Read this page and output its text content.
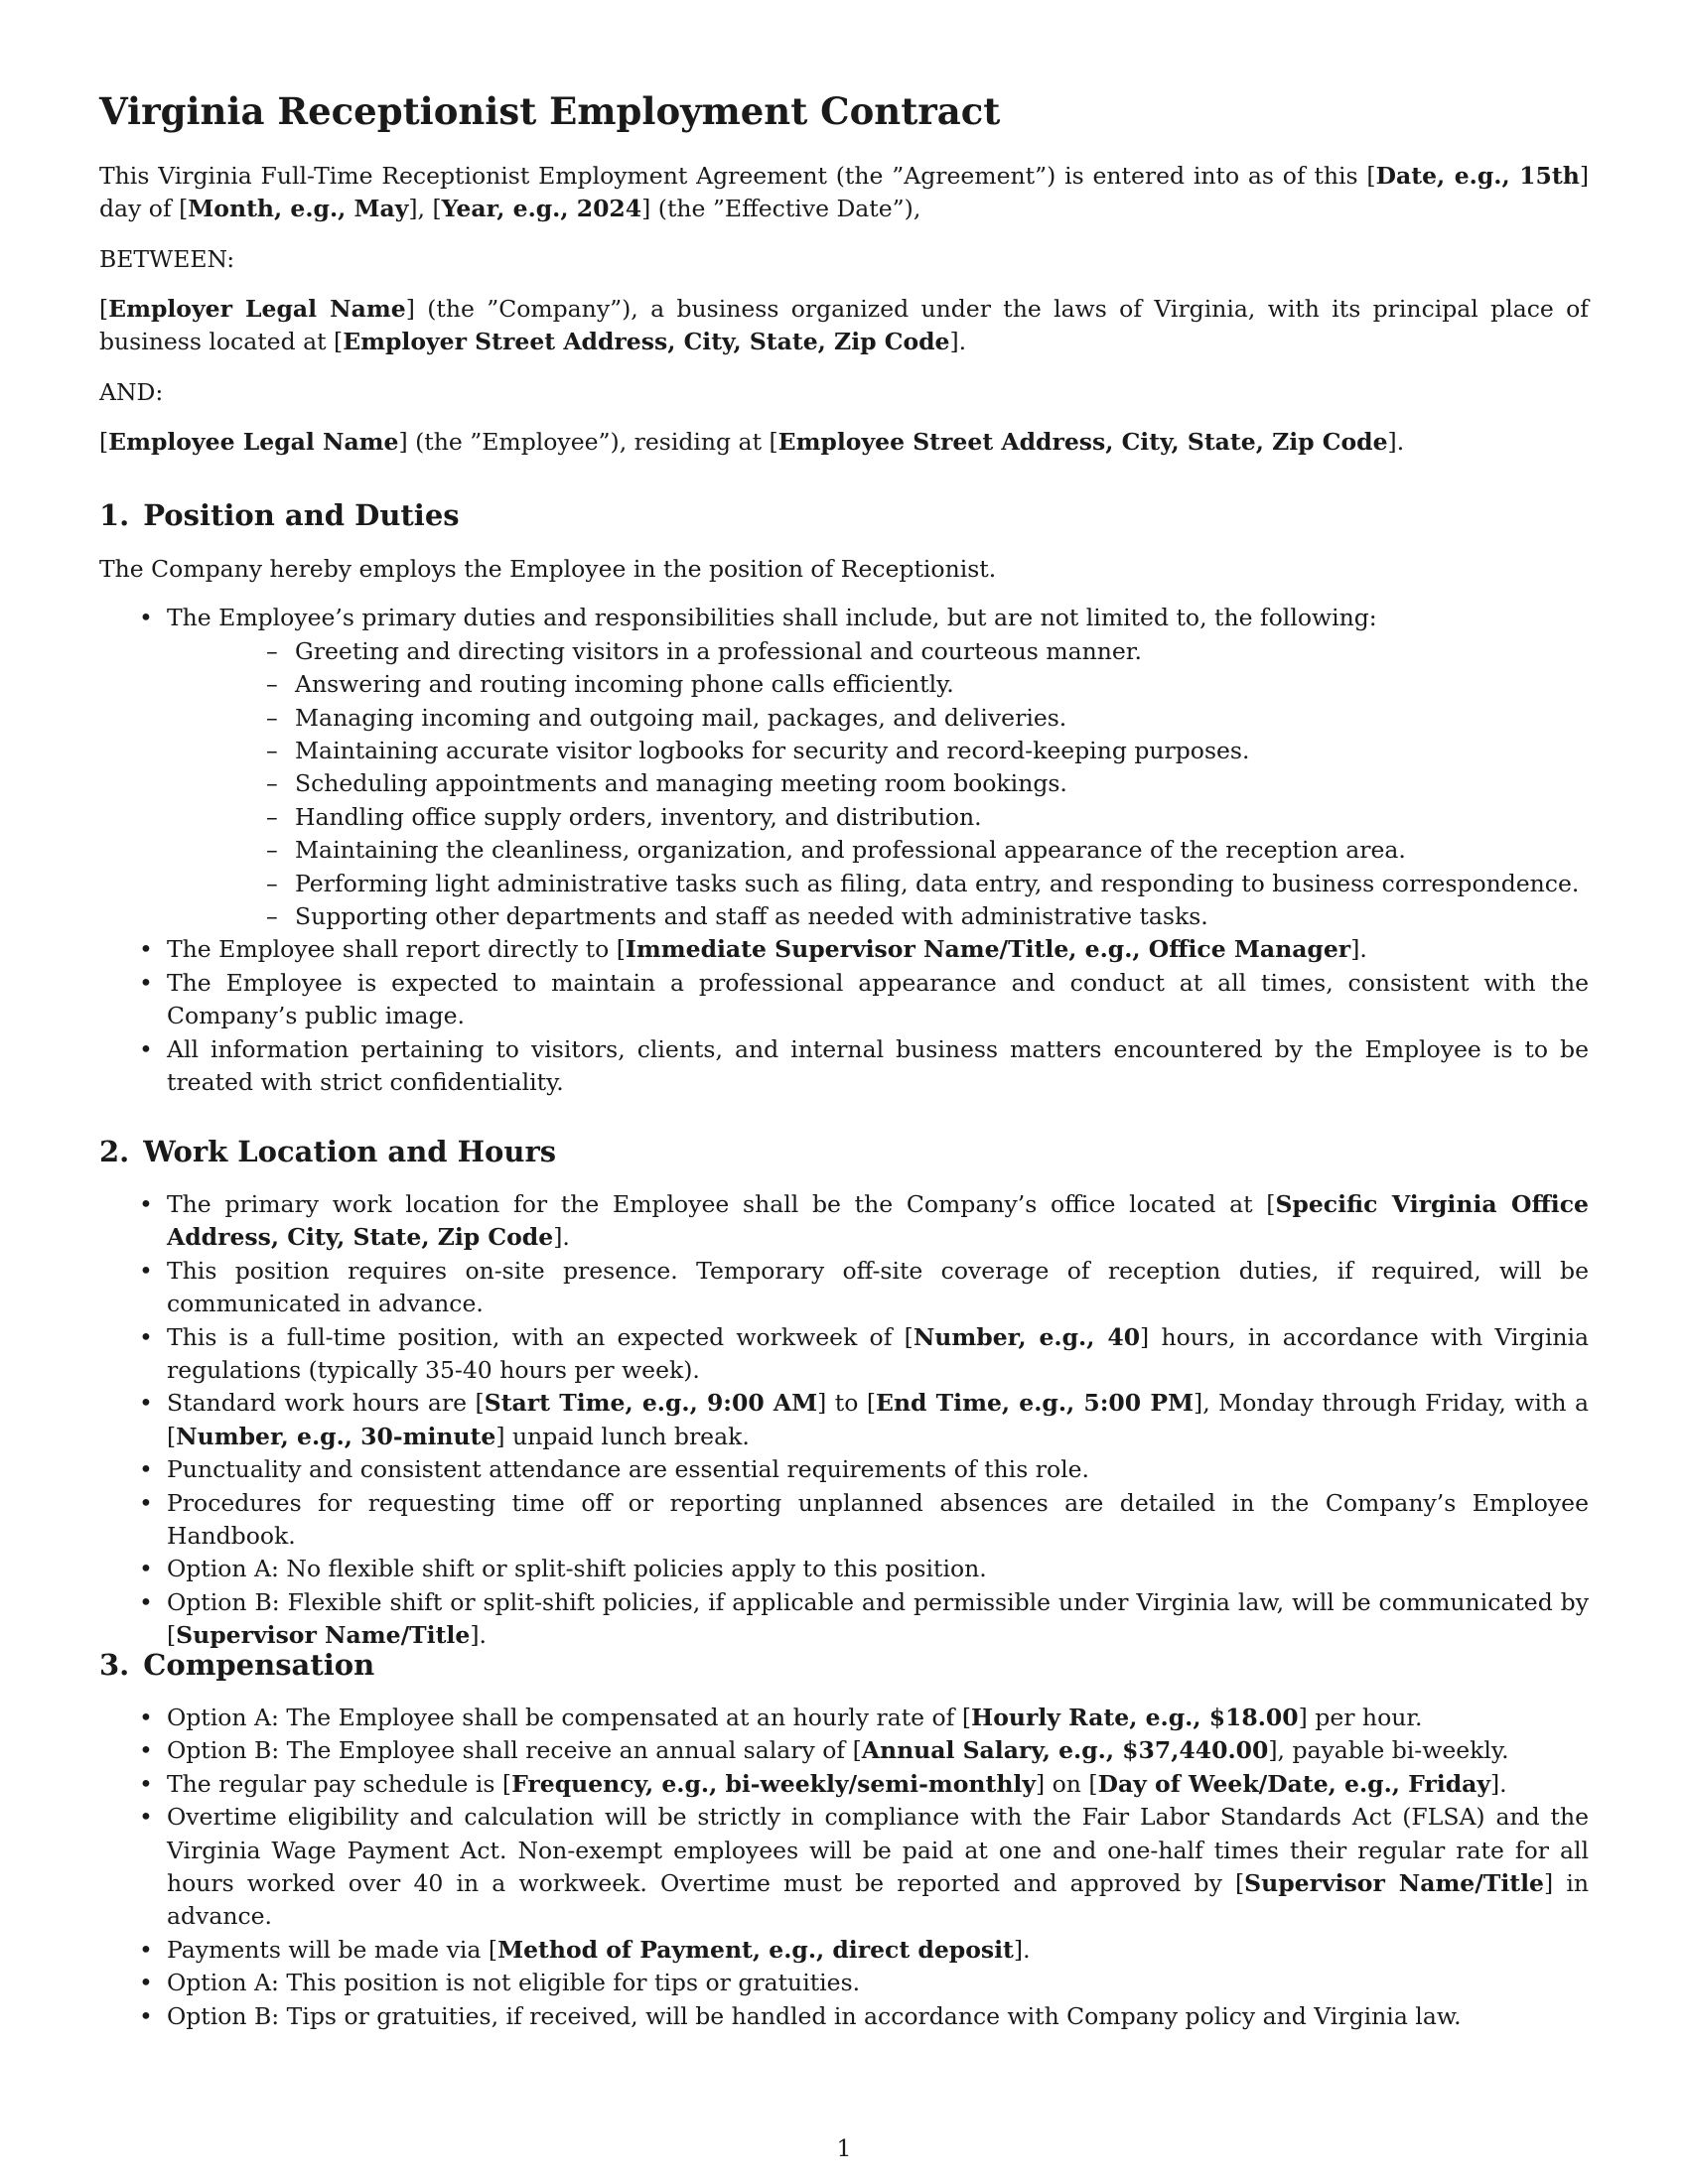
Virginia Receptionist Employment Contract

This Virginia Full-Time Receptionist Employment Agreement (the ”Agreement”) is entered into as of this [Date, e.g., 15th] day of [Month, e.g., May], [Year, e.g., 2024] (the ”Effective Date”),

BETWEEN:

[Employer Legal Name] (the ”Company”), a business organized under the laws of Virginia, with its principal place of business located at [Employer Street Address, City, State, Zip Code].

AND:

[Employee Legal Name] (the ”Employee”), residing at [Employee Street Address, City, State, Zip Code].

1. Position and Duties

The Company hereby employs the Employee in the position of Receptionist.

• The Employee’s primary duties and responsibilities shall include, but are not limited to, the following:
– Greeting and directing visitors in a professional and courteous manner.
– Answering and routing incoming phone calls efficiently.
– Managing incoming and outgoing mail, packages, and deliveries.
– Maintaining accurate visitor logbooks for security and record-keeping purposes.
– Scheduling appointments and managing meeting room bookings.
– Handling office supply orders, inventory, and distribution.
– Maintaining the cleanliness, organization, and professional appearance of the reception area.
– Performing light administrative tasks such as filing, data entry, and responding to business correspondence.
– Supporting other departments and staff as needed with administrative tasks.
• The Employee shall report directly to [Immediate Supervisor Name/Title, e.g., Office Manager].
• The Employee is expected to maintain a professional appearance and conduct at all times, consistent with the Company’s public image.
• All information pertaining to visitors, clients, and internal business matters encountered by the Employee is to be treated with strict confidentiality.
2. Work Location and Hours
• The primary work location for the Employee shall be the Company’s office located at [Specific Virginia Office Address, City, State, Zip Code].
• This position requires on-site presence. Temporary off-site coverage of reception duties, if required, will be communicated in advance.
• This is a full-time position, with an expected workweek of [Number, e.g., 40] hours, in accordance with Virginia regulations (typically 35-40 hours per week).
• Standard work hours are [Start Time, e.g., 9:00 AM] to [End Time, e.g., 5:00 PM], Monday through Friday, with a [Number, e.g., 30-minute] unpaid lunch break.
• Punctuality and consistent attendance are essential requirements of this role.
• Procedures for requesting time off or reporting unplanned absences are detailed in the Company’s Employee Handbook.
• Option A: No flexible shift or split-shift policies apply to this position.
• Option B: Flexible shift or split-shift policies, if applicable and permissible under Virginia law, will be communicated by [Supervisor Name/Title].
3. Compensation
• Option A: The Employee shall be compensated at an hourly rate of [Hourly Rate, e.g., $18.00] per hour.
• Option B: The Employee shall receive an annual salary of [Annual Salary, e.g., $37,440.00], payable bi-weekly.
• The regular pay schedule is [Frequency, e.g., bi-weekly/semi-monthly] on [Day of Week/Date, e.g., Friday].
• Overtime eligibility and calculation will be strictly in compliance with the Fair Labor Standards Act (FLSA) and the Virginia Wage Payment Act. Non-exempt employees will be paid at one and one-half times their regular rate for all hours worked over 40 in a workweek. Overtime must be reported and approved by [Supervisor Name/Title] in advance.
• Payments will be made via [Method of Payment, e.g., direct deposit].
• Option A: This position is not eligible for tips or gratuities.
• Option B: Tips or gratuities, if received, will be handled in accordance with Company policy and Virginia law.
1
